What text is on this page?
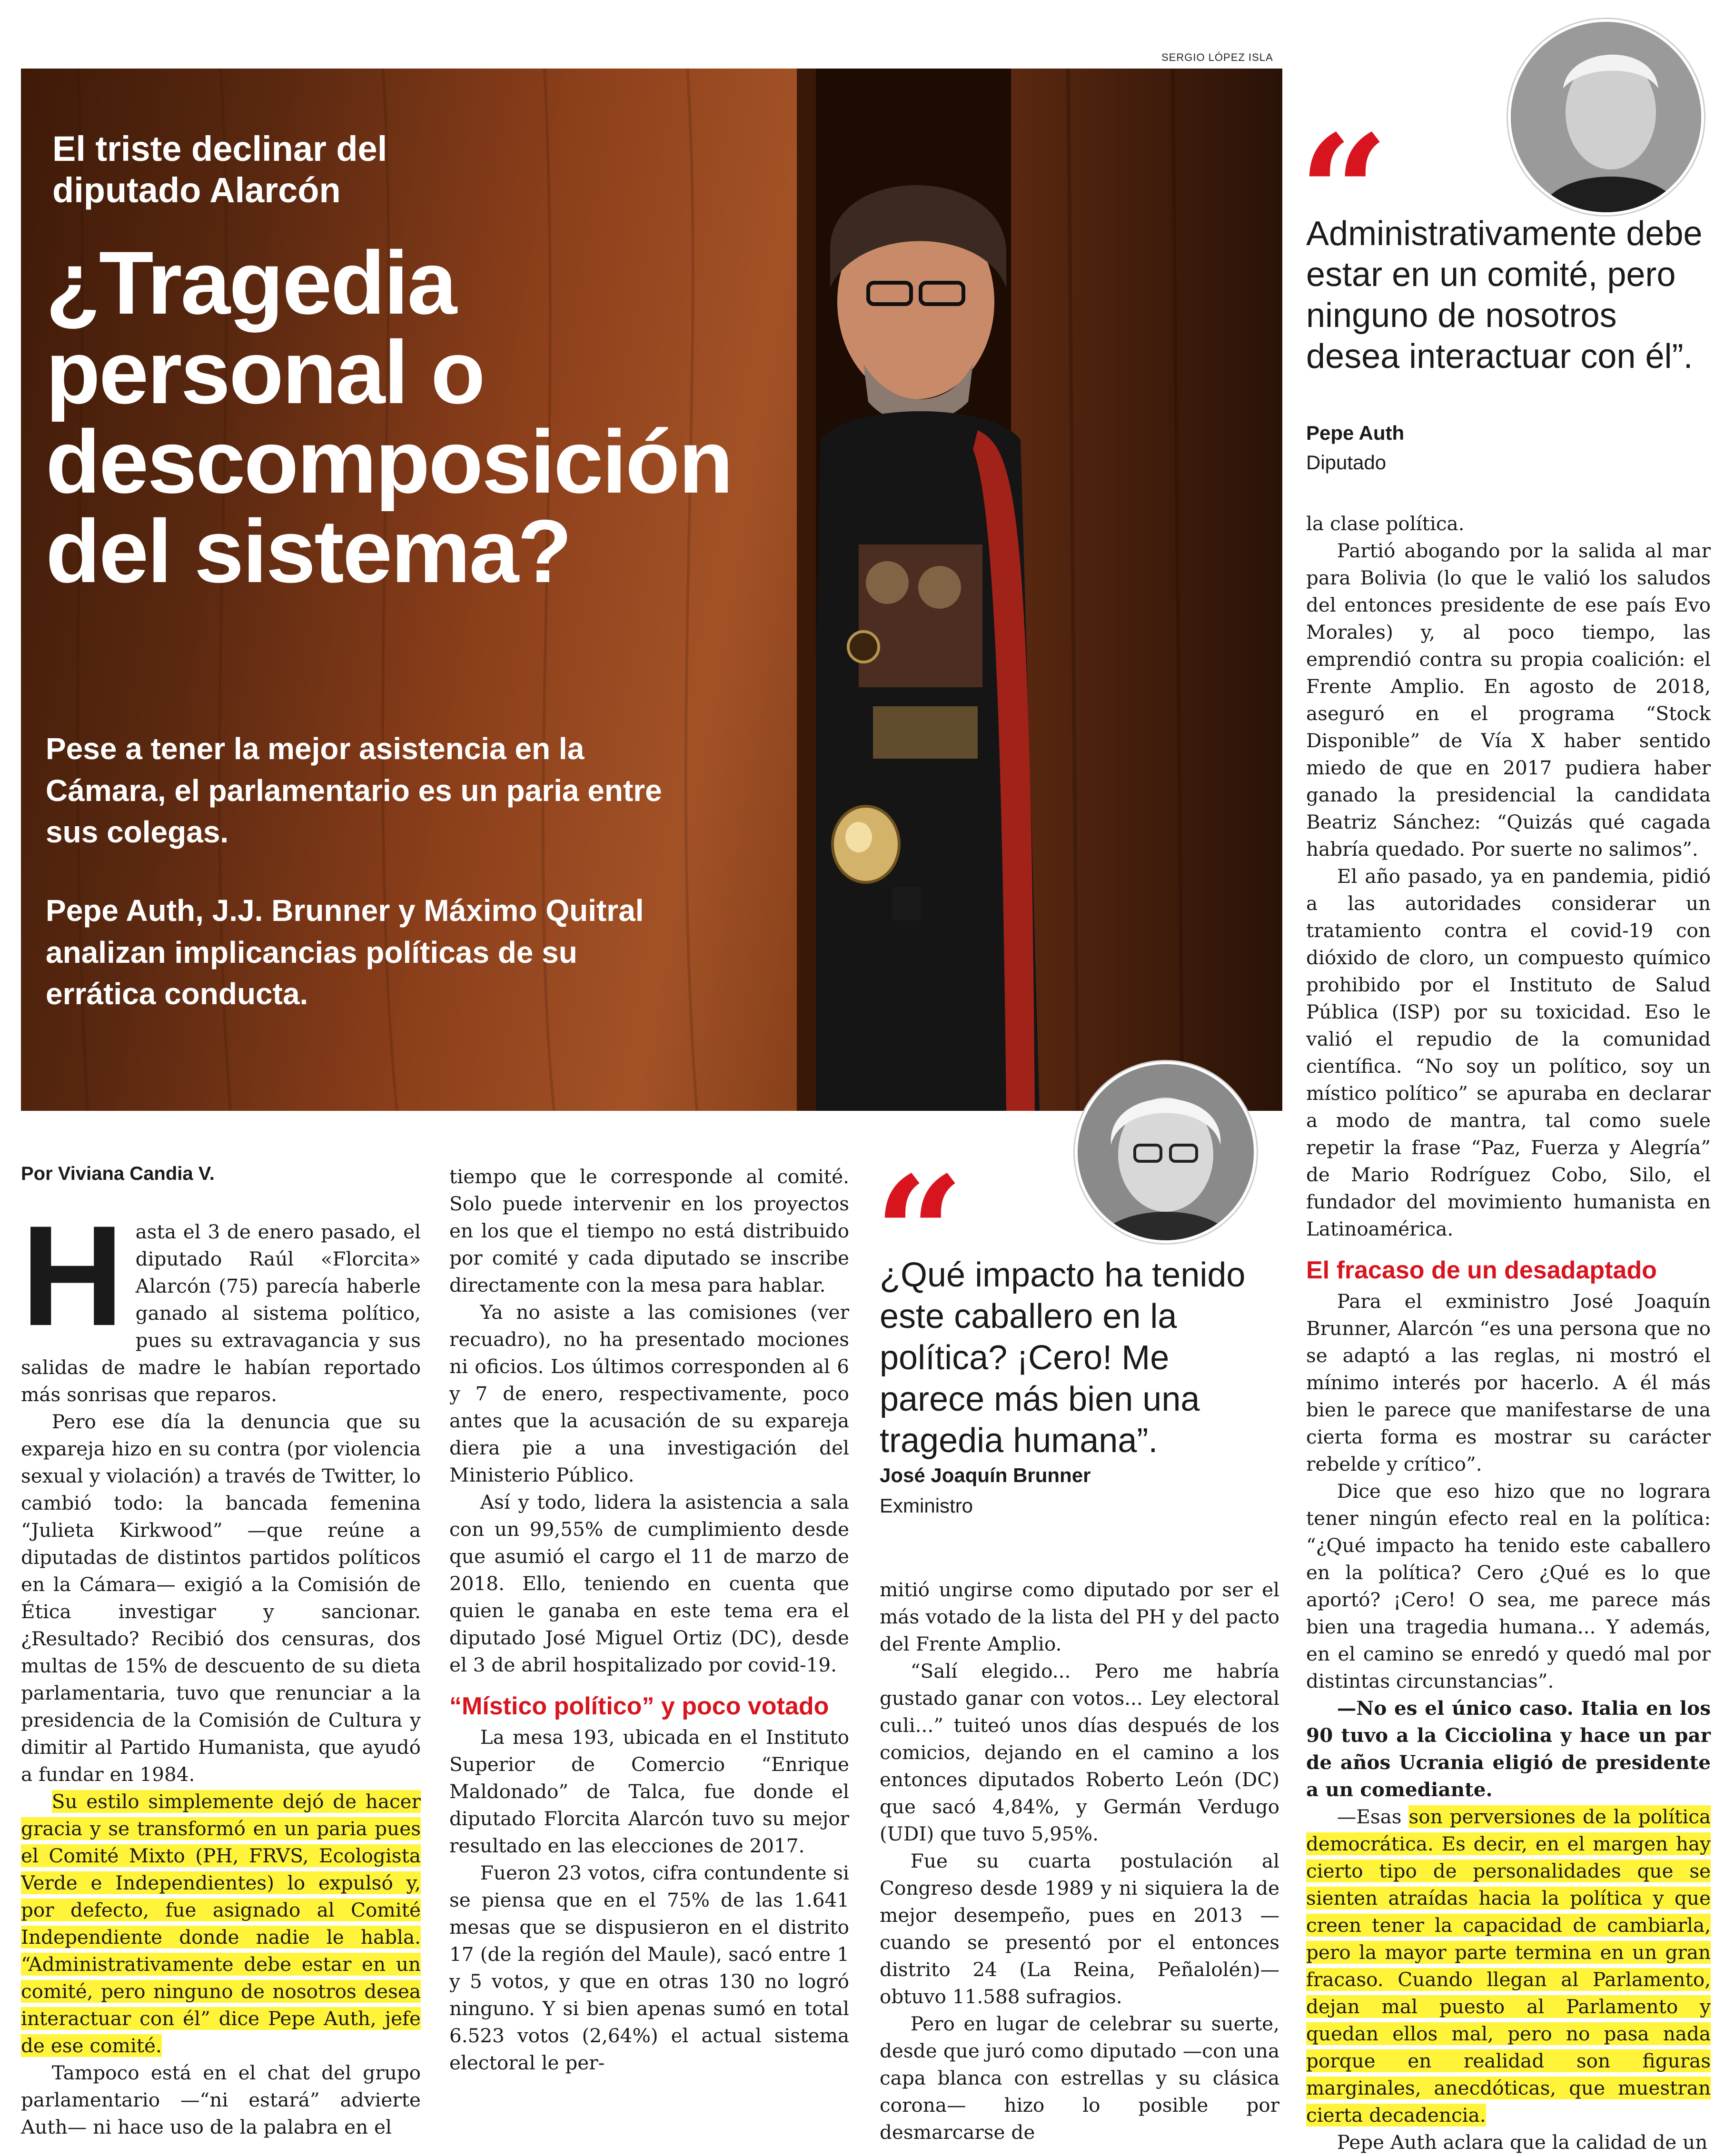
SERGIO LÓPEZ ISLA
El triste declinar del diputado Alarcón
¿Tragedia personal o descomposición del sistema?
Pese a tener la mejor asistencia en la Cámara, el parlamentario es un paria entre sus colegas.
Pepe Auth, J.J. Brunner y Máximo Quitral analizan implicancias políticas de su errática conducta.
“
Administrativamente debe estar en un comité, pero ninguno de nosotros desea interactuar con él”.
Pepe Auth
Diputado
“
¿Qué impacto ha tenido este caballero en la política? ¡Cero! Me parece más bien una tragedia humana”.
José Joaquín Brunner
Exministro
Por Viviana Candia V.
H asta el 3 de enero pasado, el diputado Raúl «Florcita» Alarcón (75) parecía haberle ganado al sistema político, pues su extravagancia y sus salidas de madre le habían reportado más sonrisas que reparos.

Pero ese día la denuncia que su expareja hizo en su contra (por violencia sexual y violación) a través de Twitter, lo cambió todo: la bancada femenina “Julieta Kirkwood” —que reúne a diputadas de distintos partidos políticos en la Cámara— exigió a la Comisión de Ética investigar y sancionar. ¿Resultado? Recibió dos censuras, dos multas de 15% de descuento de su dieta parlamentaria, tuvo que renunciar a la presidencia de la Comisión de Cultura y dimitir al Partido Humanista, que ayudó a fundar en 1984.

Su estilo simplemente dejó de hacer gracia y se transformó en un paria pues el Comité Mixto (PH, FRVS, Ecologista Verde e Independientes) lo expulsó y, por defecto, fue asignado al Comité Independiente donde nadie le habla. “Administrativamente debe estar en un comité, pero ninguno de nosotros desea interactuar con él” dice Pepe Auth, jefe de ese comité.

Tampoco está en el chat del grupo parlamentario —“ni estará” advierte Auth— ni hace uso de la palabra en el

tiempo que le corresponde al comité. Solo puede intervenir en los proyectos en los que el tiempo no está distribuido por comité y cada diputado se inscribe directamente con la mesa para hablar.

Ya no asiste a las comisiones (ver recuadro), no ha presentado mociones ni oficios. Los últimos corresponden al 6 y 7 de enero, respectivamente, poco antes que la acusación de su expareja diera pie a una investigación del Ministerio Público.

Así y todo, lidera la asistencia a sala con un 99,55% de cumplimiento desde que asumió el cargo el 11 de marzo de 2018. Ello, teniendo en cuenta que quien le ganaba en este tema era el diputado José Miguel Ortiz (DC), desde el 3 de abril hospitalizado por covid-19.

“Místico político” y poco votado

La mesa 193, ubicada en el Instituto Superior de Comercio “Enrique Maldonado” de Talca, fue donde el diputado Florcita Alarcón tuvo su mejor resultado en las elecciones de 2017.

Fueron 23 votos, cifra contundente si se piensa que en el 75% de las 1.641 mesas que se dispusieron en el distrito 17 (de la región del Maule), sacó entre 1 y 5 votos, y que en otras 130 no logró ninguno. Y si bien apenas sumó en total 6.523 votos (2,64%) el actual sistema electoral le per-

mitió ungirse como diputado por ser el más votado de la lista del PH y del pacto del Frente Amplio.

“Salí elegido... Pero me habría gustado ganar con votos... Ley electoral culi...” tuiteó unos días después de los comicios, dejando en el camino a los entonces diputados Roberto León (DC) que sacó 4,84%, y Germán Verdugo (UDI) que tuvo 5,95%.

Fue su cuarta postulación al Congreso desde 1989 y ni siquiera la de mejor desempeño, pues en 2013 —cuando se presentó por el entonces distrito 24 (La Reina, Peñalolén)— obtuvo 11.588 sufragios.

Pero en lugar de celebrar su suerte, desde que juró como diputado —con una capa blanca con estrellas y su clásica corona— hizo lo posible por desmarcarse de

la clase política.

Partió abogando por la salida al mar para Bolivia (lo que le valió los saludos del entonces presidente de ese país Evo Morales) y, al poco tiempo, las emprendió contra su propia coalición: el Frente Amplio. En agosto de 2018, aseguró en el programa “Stock Disponible” de Vía X haber sentido miedo de que en 2017 pudiera haber ganado la presidencial la candidata Beatriz Sánchez: “Quizás qué cagada habría quedado. Por suerte no salimos”.

El año pasado, ya en pandemia, pidió a las autoridades considerar un tratamiento contra el covid-19 con dióxido de cloro, un compuesto químico prohibido por el Instituto de Salud Pública (ISP) por su toxicidad. Eso le valió el repudio de la comunidad científica. “No soy un político, soy un místico político” se apuraba en declarar a modo de mantra, tal como suele repetir la frase “Paz, Fuerza y Alegría” de Mario Rodríguez Cobo, Silo, el fundador del movimiento humanista en Latinoamérica.

El fracaso de un desadaptado

Para el exministro José Joaquín Brunner, Alarcón “es una persona que no se adaptó a las reglas, ni mostró el mínimo interés por hacerlo. A él más bien le parece que manifestarse de una cierta forma es mostrar su carácter rebelde y crítico”.

Dice que eso hizo que no lograra tener ningún efecto real en la política: “¿Qué impacto ha tenido este caballero en la política? Cero ¿Qué es lo que aportó? ¡Cero! O sea, me parece más bien una tragedia humana... Y además, en el camino se enredó y quedó mal por distintas circunstancias”.

—No es el único caso. Italia en los 90 tuvo a la Cicciolina y hace un par de años Ucrania eligió de presidente a un comediante.

—Esas son perversiones de la política democrática. Es decir, en el margen hay cierto tipo de personalidades que se sienten atraídas hacia la política y que creen tener la capacidad de cambiarla, pero la mayor parte termina en un gran fracaso. Cuando llegan al Parlamento, dejan mal puesto al Parlamento y quedan ellos mal, pero no pasa nada porque en realidad son figuras marginales, anecdóticas, que muestran cierta decadencia.

Pepe Auth aclara que la calidad de un
